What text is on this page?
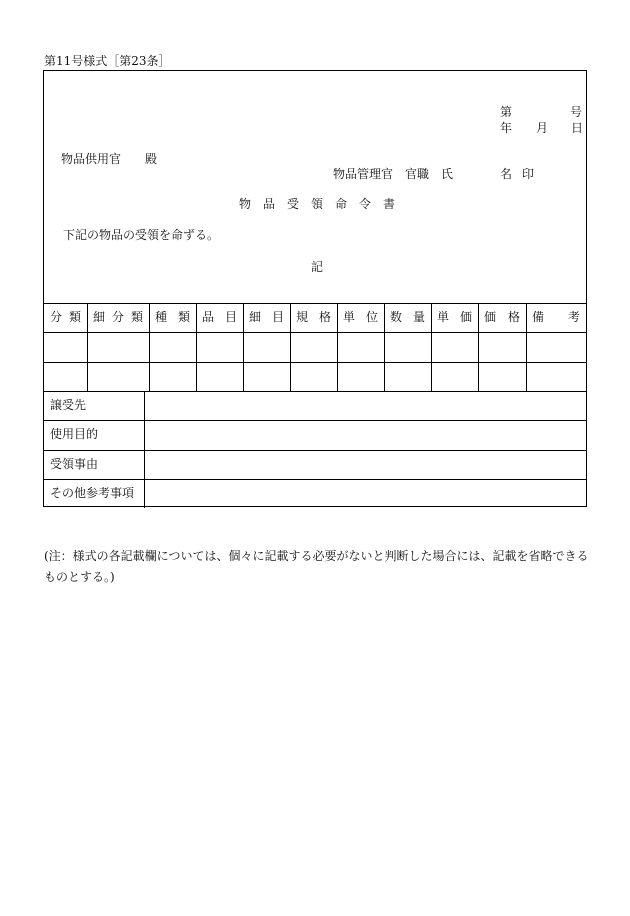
第11号様式［第23条］
第	号
年 月 日
物品供用官　　殿
物品管理官　官職　氏	名 印
物　品　受　領　命　令　書
下記の物品の受領を命ずる。
記
分 類 細 分 類 種 類 品 目 細 目 規 格 単 位 数 量 単 価 価 格 備 考
譲受先
使用目的
受領事由
その他参考事項
(注：様式の各記載欄については、個々に記載する必要がないと判断した場合には、記載を省略できるものとする。)
